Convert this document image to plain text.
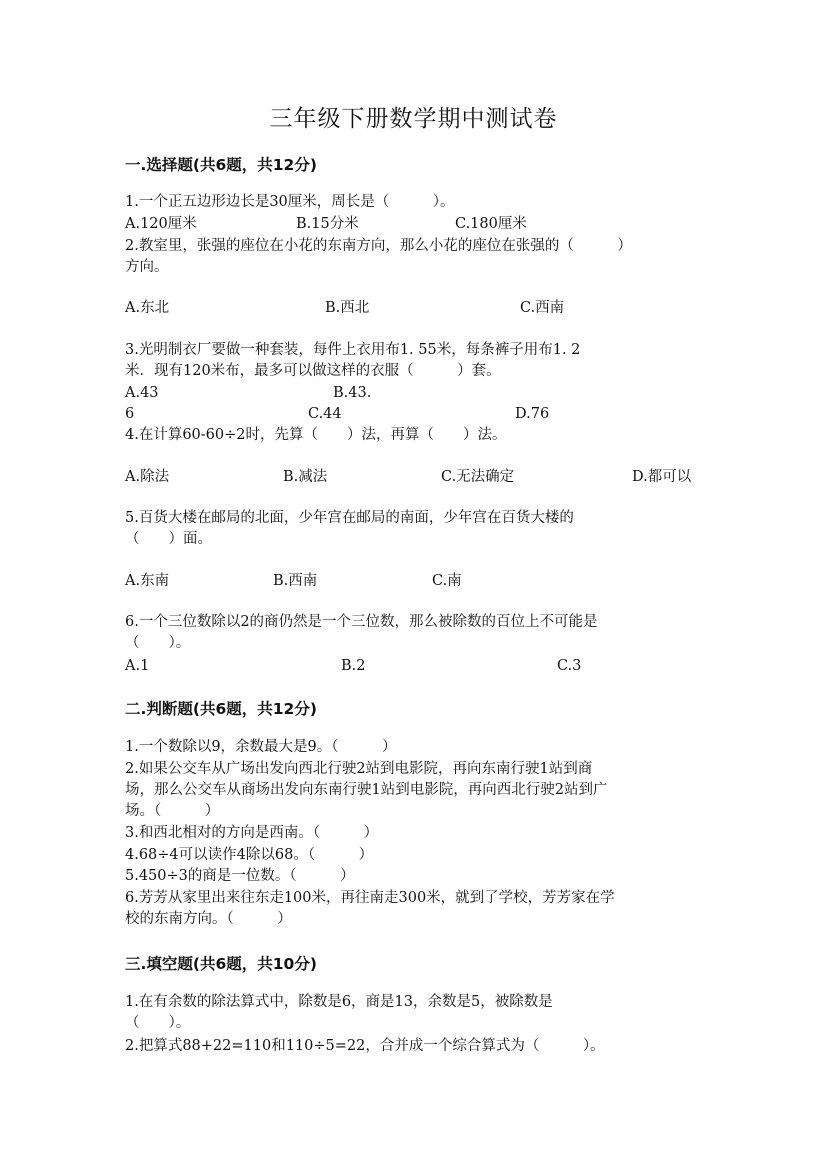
三年级下册数学期中测试卷
一.选择题(共6题，共12分)
1.一个正五边形边长是30厘米，周长是（　　　）。
A.120厘米	B.15分米	C.180厘米
2.教室里，张强的座位在小花的东南方向，那么小花的座位在张强的（　　　）
方向。
A.东北	B.西北	C.西南
3.光明制衣厂要做一种套装，每件上衣用布1. 55米，每条裤子用布1. 2
米．现有120米布，最多可以做这样的衣服（　　　）套。
A.43	B.43.
6	C.44	D.76
4.在计算60-60÷2时，先算（　　）法，再算（　　）法。
A.除法	B.减法	C.无法确定	D.都可以
5.百货大楼在邮局的北面，少年宫在邮局的南面，少年宫在百货大楼的
（　　）面。
A.东南	B.西南	C.南
6.一个三位数除以2的商仍然是一个三位数，那么被除数的百位上不可能是
（　　）。
A.1	B.2	C.3
二.判断题(共6题，共12分)
1.一个数除以9，余数最大是9。（　　　）
2.如果公交车从广场出发向西北行驶2站到电影院，再向东南行驶1站到商
场，那么公交车从商场出发向东南行驶1站到电影院，再向西北行驶2站到广
场。（　　　）
3.和西北相对的方向是西南。（　　　）
4.68÷4可以读作4除以68。（　　　）
5.450÷3的商是一位数。（　　　）
6.芳芳从家里出来往东走100米，再往南走300米，就到了学校，芳芳家在学
校的东南方向。（　　　）
三.填空题(共6题，共10分)
1.在有余数的除法算式中，除数是6，商是13，余数是5，被除数是
（　　）。
2.把算式88+22=110和110÷5=22，合并成一个综合算式为（　　　）。
